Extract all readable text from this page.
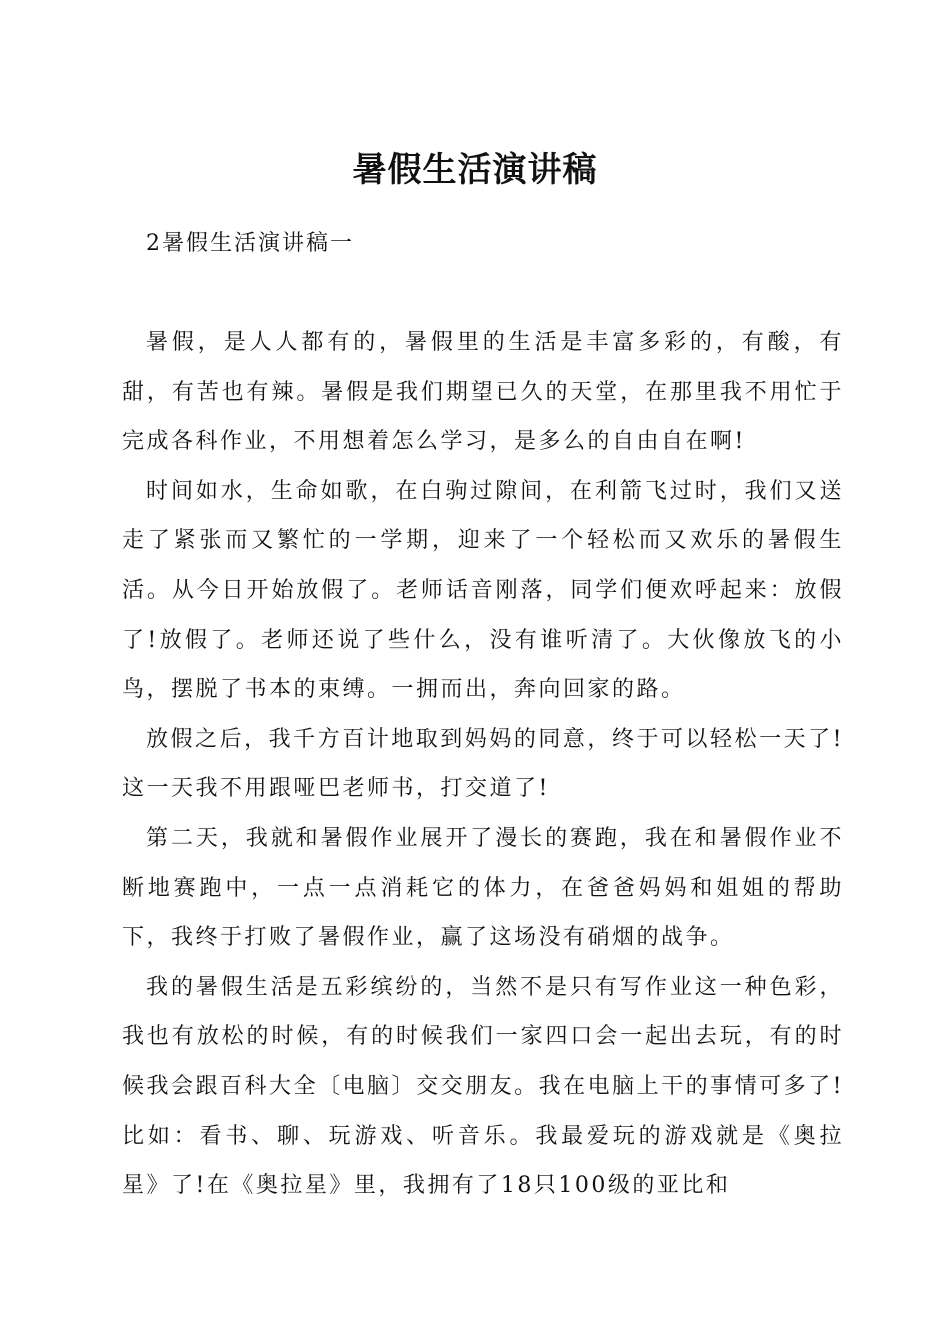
暑假生活演讲稿
2暑假生活演讲稿一

暑假，是人人都有的，暑假里的生活是丰富多彩的，有酸，有甜，有苦也有辣。暑假是我们期望已久的天堂，在那里我不用忙于完成各科作业，不用想着怎么学习，是多么的自由自在啊!

时间如水，生命如歌，在白驹过隙间，在利箭飞过时，我们又送走了紧张而又繁忙的一学期，迎来了一个轻松而又欢乐的暑假生活。从今日开始放假了。老师话音刚落，同学们便欢呼起来：放假了!放假了。老师还说了些什么，没有谁听清了。大伙像放飞的小鸟，摆脱了书本的束缚。一拥而出，奔向回家的路。

放假之后，我千方百计地取到妈妈的同意，终于可以轻松一天了!这一天我不用跟哑巴老师书，打交道了!

第二天，我就和暑假作业展开了漫长的赛跑，我在和暑假作业不断地赛跑中，一点一点消耗它的体力，在爸爸妈妈和姐姐的帮助下，我终于打败了暑假作业，赢了这场没有硝烟的战争。

我的暑假生活是五彩缤纷的，当然不是只有写作业这一种色彩，我也有放松的时候，有的时候我们一家四口会一起出去玩，有的时候我会跟百科大全〔电脑〕交交朋友。我在电脑上干的事情可多了!比如：看书、聊、玩游戏、听音乐。我最爱玩的游戏就是《奥拉星》了!在《奥拉星》里，我拥有了18只100级的亚比和
